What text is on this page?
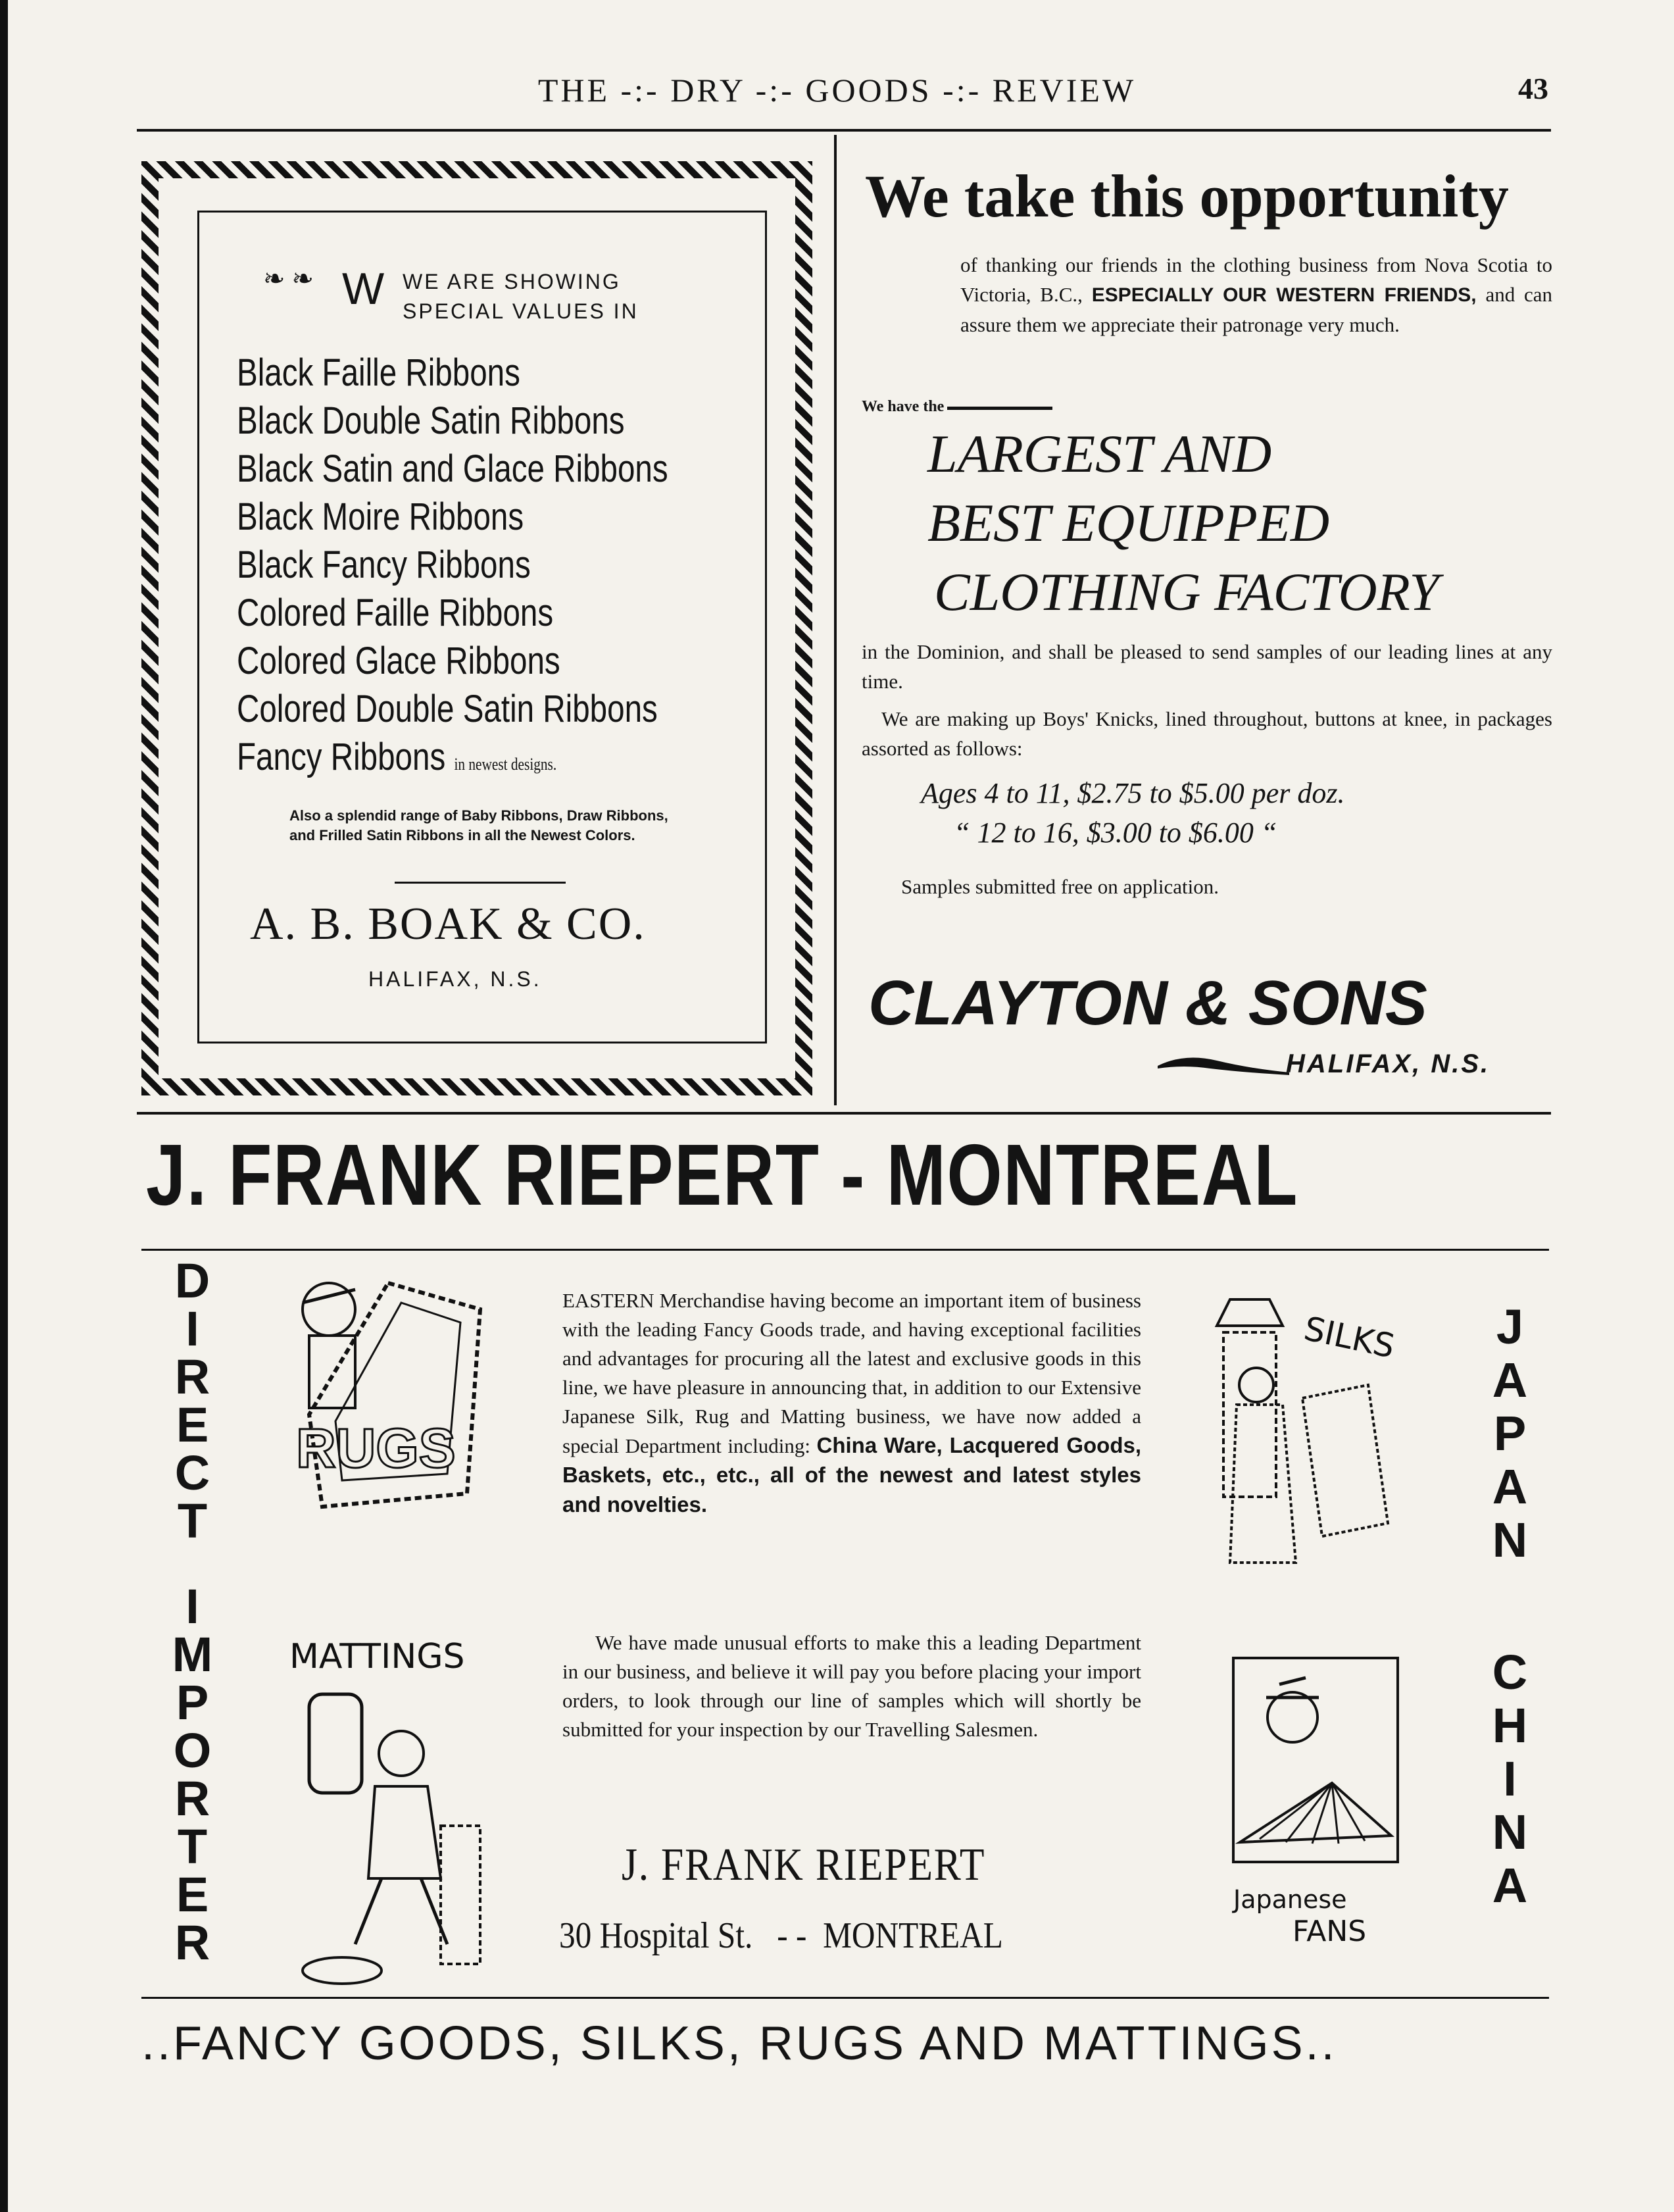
THE -:- DRY -:- GOODS -:- REVIEW	43
❧ ❧ W WE ARE SHOWING
SPECIAL VALUES IN
Black Faille Ribbons
Black Double Satin Ribbons
Black Satin and Glace Ribbons
Black Moire Ribbons
Black Fancy Ribbons
Colored Faille Ribbons
Colored Glace Ribbons
Colored Double Satin Ribbons
Fancy Ribbons in newest designs.
Also a splendid range of Baby Ribbons, Draw Ribbons, and Frilled Satin Ribbons in all the Newest Colors.
A. B. BOAK & CO.
HALIFAX, N.S.
We take this opportunity
of thanking our friends in the clothing business from Nova Scotia to Victoria, B.C., ESPECIALLY OUR WESTERN FRIENDS, and can assure them we appreciate their patronage very much.
We have the
LARGEST AND
BEST EQUIPPED
CLOTHING FACTORY
in the Dominion, and shall be pleased to send samples of our leading lines at any time.
We are making up Boys' Knicks, lined throughout, buttons at knee, in packages assorted as follows:
Ages 4 to 11, $2.75 to $5.00 per doz.
“ 12 to 16, $3.00 to $6.00 “
Samples submitted free on application.
CLAYTON & SONS
HALIFAX, N.S.
J. FRANK RIEPERT - MONTREAL
DIRECT
IMPORTER
JAPAN
CHINA
RUGS
MATTINGS
SILKS
Japanese
FANS
EASTERN Merchandise having become an important item of business with the leading Fancy Goods trade, and having exceptional facilities and advantages for procuring all the latest and exclusive goods in this line, we have pleasure in announcing that, in addition to our Extensive Japanese Silk, Rug and Matting business, we have now added a special Department including: China Ware, Lacquered Goods, Baskets, etc., etc., all of the newest and latest styles and novelties.
We have made unusual efforts to make this a leading Department in our business, and believe it will pay you before placing your import orders, to look through our line of samples which will shortly be submitted for your inspection by our Travelling Salesmen.
J. FRANK RIEPERT
30 Hospital St. - - MONTREAL
..FANCY GOODS, SILKS, RUGS AND MATTINGS..
